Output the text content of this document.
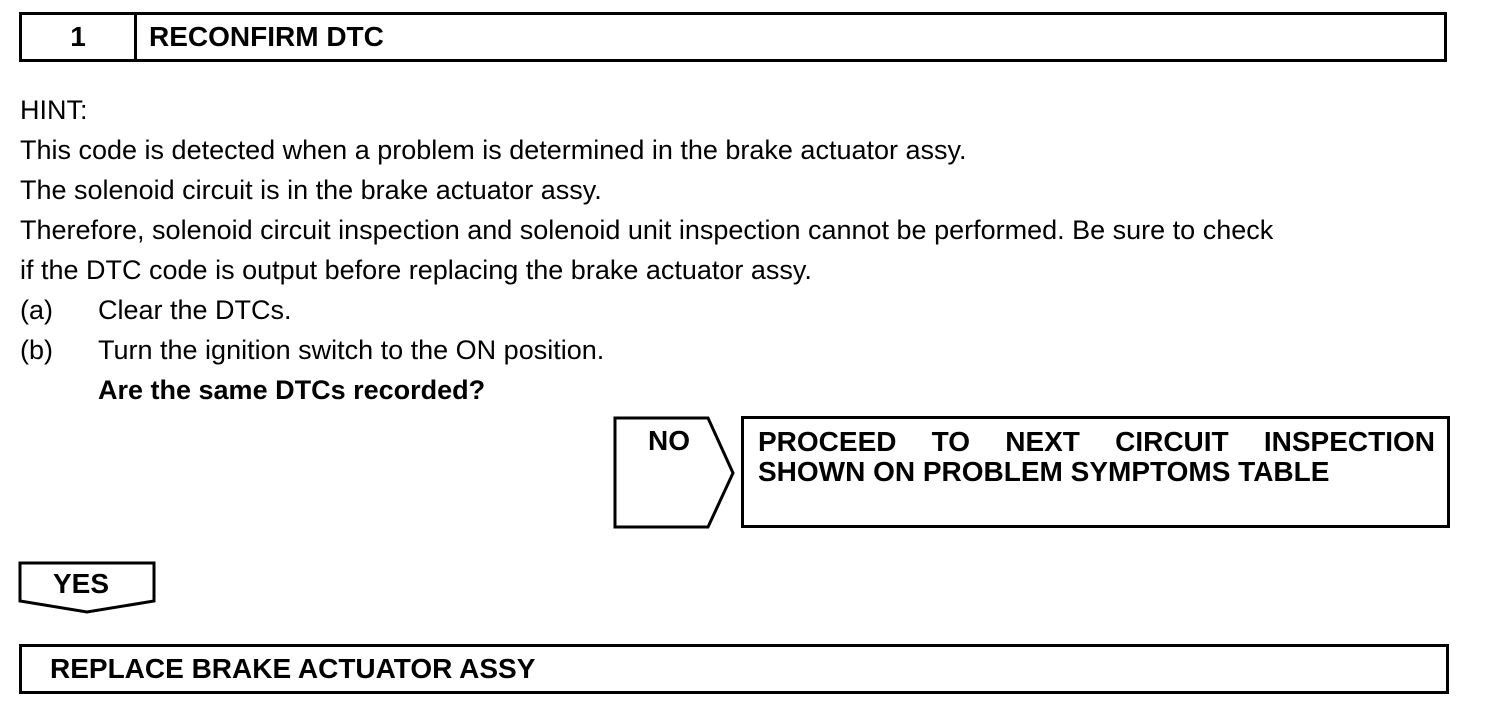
1	RECONFIRM DTC
HINT:
This code is detected when a problem is determined in the brake actuator assy.
The solenoid circuit is in the brake actuator assy.
Therefore, solenoid circuit inspection and solenoid unit inspection cannot be performed. Be sure to check
if the DTC code is output before replacing the brake actuator assy.
(a) Clear the DTCs.
(b) Turn the ignition switch to the ON position.
Are the same DTCs recorded?
NO PROCEED TO NEXT CIRCUIT INSPECTION
SHOWN ON PROBLEM SYMPTOMS TABLE
YES
REPLACE BRAKE ACTUATOR ASSY
